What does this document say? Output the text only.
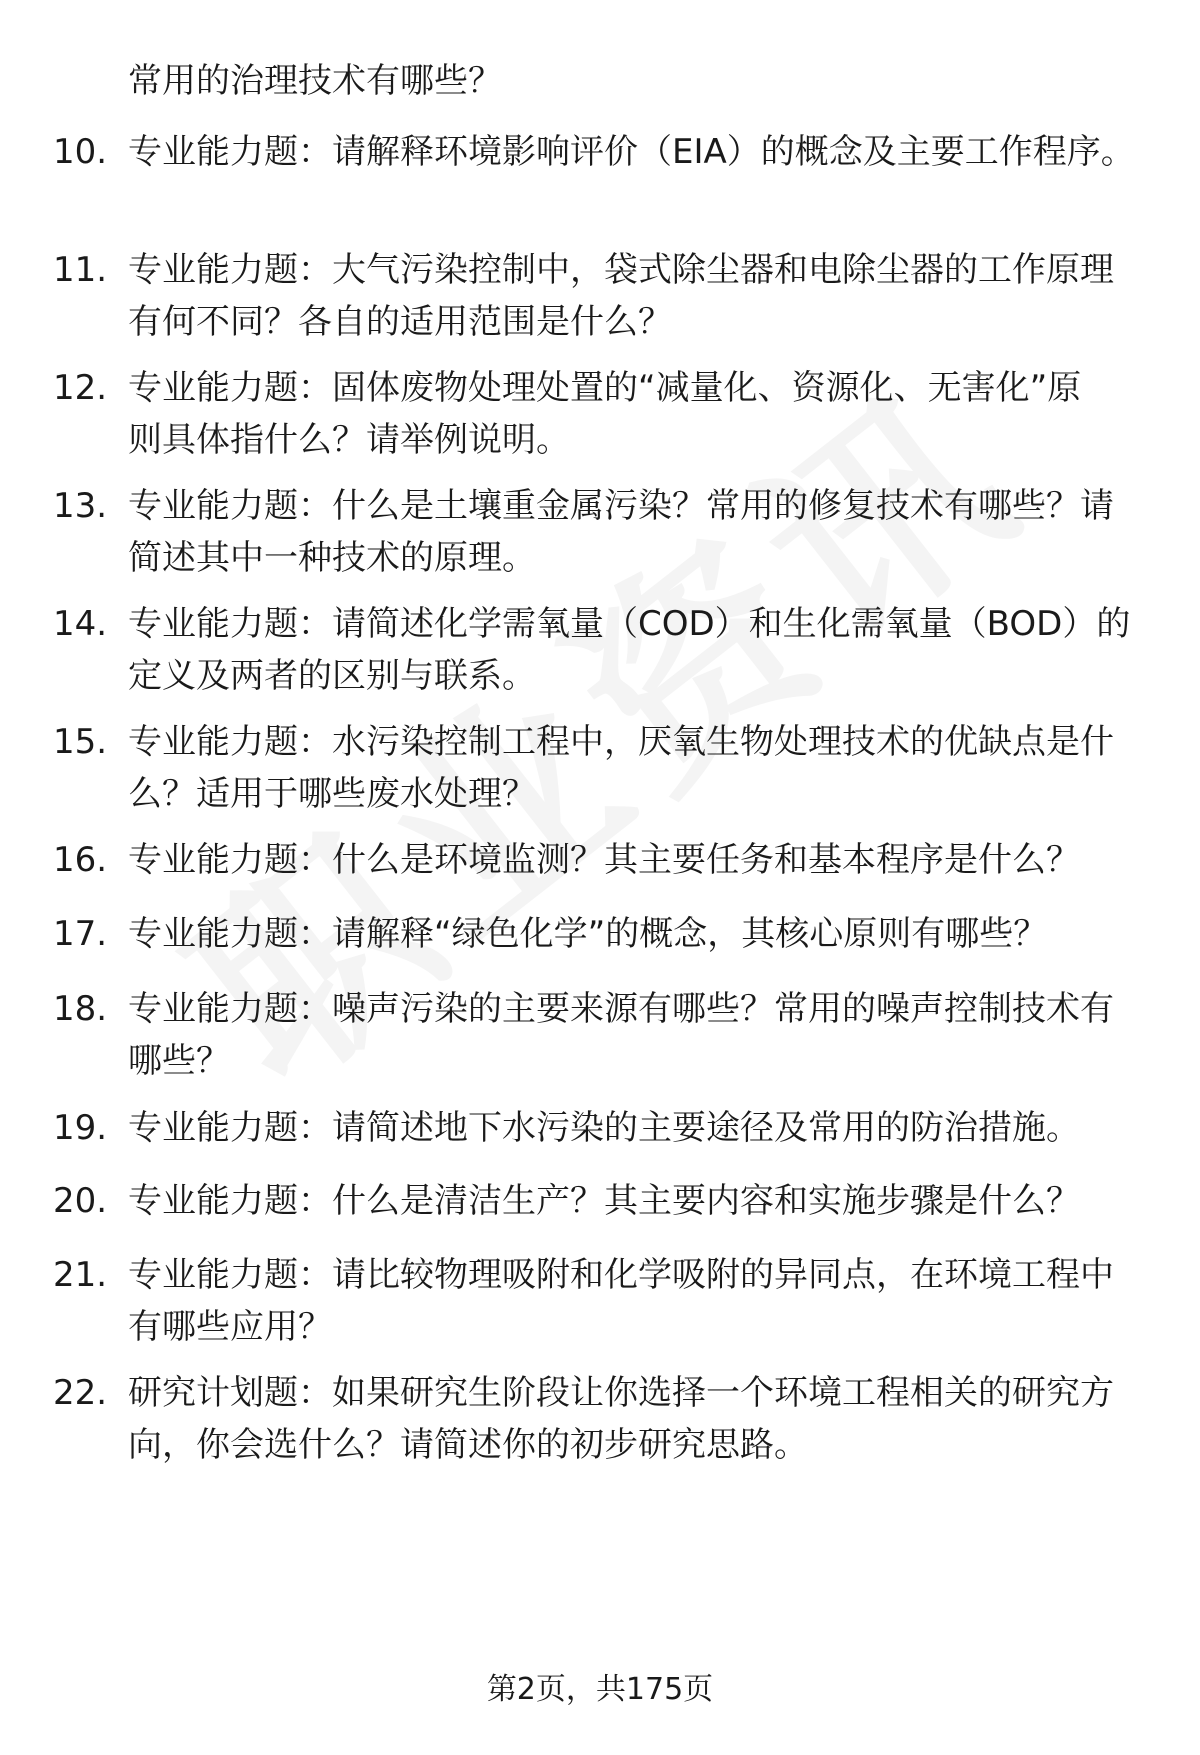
常用的治理技术有哪些？
10. 专业能力题：请解释环境影响评价（EIA）的概念及主要工作程序。
11. 专业能力题：大气污染控制中，袋式除尘器和电除尘器的工作原理有何不同？各自的适用范围是什么？
12. 专业能力题：固体废物处理处置的“减量化、资源化、无害化”原则具体指什么？请举例说明。
13. 专业能力题：什么是土壤重金属污染？常用的修复技术有哪些？请简述其中一种技术的原理。
14. 专业能力题：请简述化学需氧量（COD）和生化需氧量（BOD）的定义及两者的区别与联系。
15. 专业能力题：水污染控制工程中，厌氧生物处理技术的优缺点是什么？适用于哪些废水处理？
16. 专业能力题：什么是环境监测？其主要任务和基本程序是什么？
17. 专业能力题：请解释“绿色化学”的概念，其核心原则有哪些？
18. 专业能力题：噪声污染的主要来源有哪些？常用的噪声控制技术有哪些？
19. 专业能力题：请简述地下水污染的主要途径及常用的防治措施。
20. 专业能力题：什么是清洁生产？其主要内容和实施步骤是什么？
21. 专业能力题：请比较物理吸附和化学吸附的异同点，在环境工程中有哪些应用？
22. 研究计划题：如果研究生阶段让你选择一个环境工程相关的研究方向，你会选什么？请简述你的初步研究思路。
第2页，共175页
